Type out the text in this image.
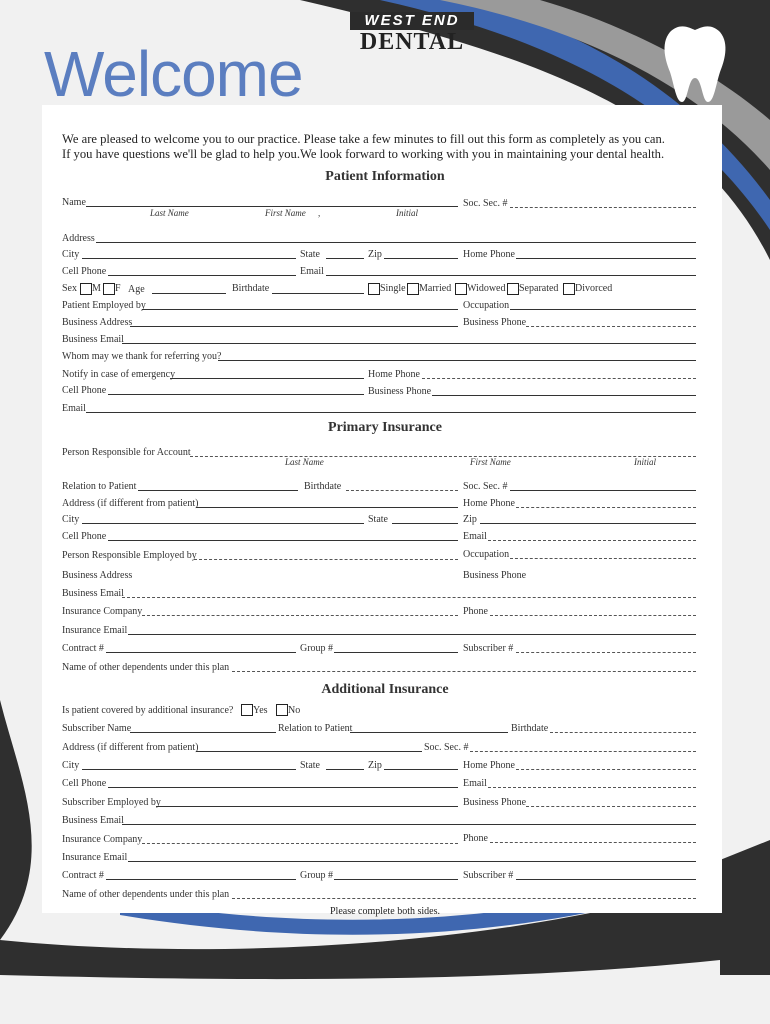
WEST END
DENTAL
Welcome
We are pleased to welcome you to our practice. Please take a few minutes to fill out this form as completely as you can.
If you have questions we'll be glad to help you.We look forward to working with you in maintaining your dental health.
Patient Information
Name
Last Name	First Name ,	Initial
Soc. Sec. #
Address
City	State	Zip	Home Phone
Cell Phone	Email
Sex M F Age	Birthdate	Single Married Widowed Separated Divorced
Patient Employed by	Occupation
Business Address	Business Phone
Business Email
Whom may we thank for referring you?
Notify in case of emergency	Home Phone
Cell Phone	Business Phone
Email
Primary Insurance
Person Responsible for Account
Last Name	First Name	Initial
Relation to Patient	Birthdate	Soc. Sec. #
Address (if different from patient)	Home Phone
City	State	Zip
Cell Phone	Email
Person Responsible Employed by	Occupation
Business Address	Business Phone
Business Email
Insurance Company	Phone
Insurance Email
Contract #	Group #	Subscriber #
Name of other dependents under this plan
Additional Insurance
Is patient covered by additional insurance? Yes No
Subscriber Name	Relation to Patient	Birthdate
Address (if different from patient)	Soc. Sec. #
City	State	Zip	Home Phone
Cell Phone	Email
Subscriber Employed by	Business Phone
Business Email
Insurance Company	Phone
Insurance Email
Contract #	Group #	Subscriber #
Name of other dependents under this plan
Please complete both sides.
